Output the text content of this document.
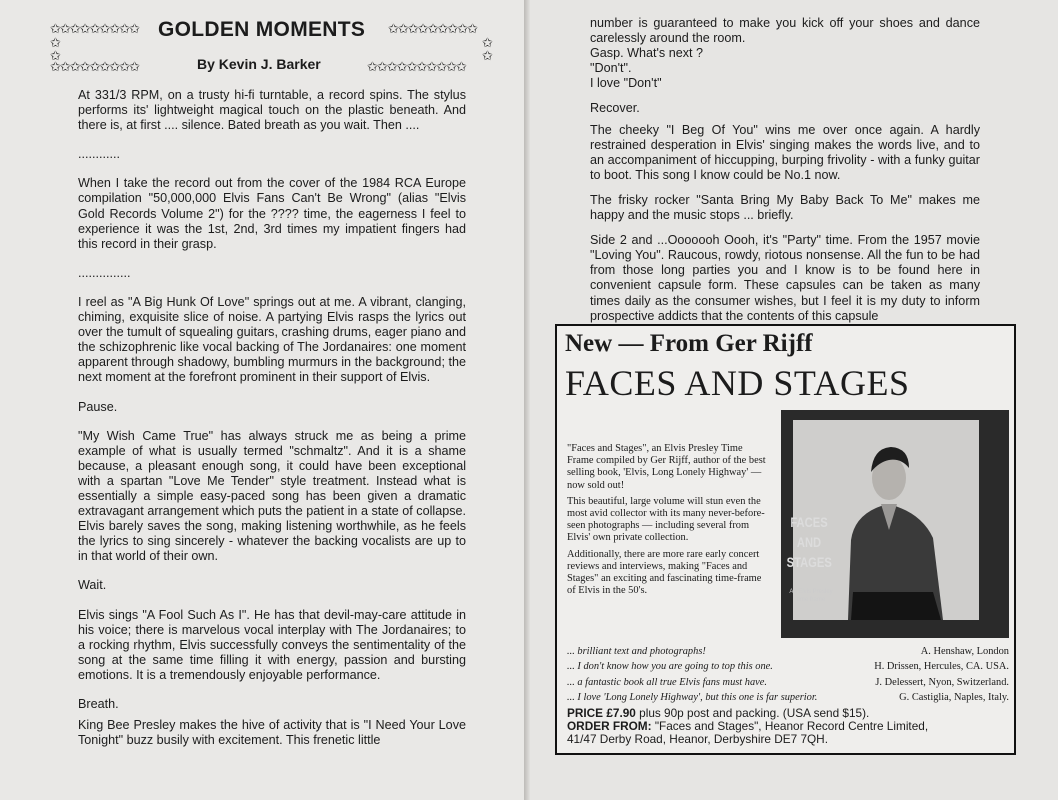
✩✩✩✩✩✩✩✩✩
✩
✩
✩✩✩✩✩✩✩✩✩
✩✩✩✩✩✩✩✩✩
✩
✩
✩✩✩✩✩✩✩✩✩✩
GOLDEN MOMENTS
By Kevin J. Barker

At 331/3 RPM, on a trusty hi-fi turntable, a record spins. The stylus performs its' lightweight magical touch on the plastic beneath. And there is, at first .... silence. Bated breath as you wait. Then ....

............

When I take the record out from the cover of the 1984 RCA Europe compilation "50,000,000 Elvis Fans Can't Be Wrong" (alias "Elvis Gold Records Volume 2") for the ???? time, the eagerness I feel to experience it was the 1st, 2nd, 3rd times my impatient fingers had this record in their grasp.

...............

I reel as "A Big Hunk Of Love" springs out at me. A vibrant, clanging, chiming, exquisite slice of noise. A partying Elvis rasps the lyrics out over the tumult of squealing guitars, crashing drums, eager piano and the schizophrenic like vocal backing of The Jordanaires: one moment apparent through shadowy, bumbling murmurs in the background; the next moment at the forefront prominent in their support of Elvis.

Pause.

"My Wish Came True" has always struck me as being a prime example of what is usually termed "schmaltz". And it is a shame because, a pleasant enough song, it could have been exceptional with a spartan "Love Me Tender" style treatment. Instead what is essentially a simple easy-paced song has been given a dramatic extravagant arrangement which puts the patient in a state of collapse. Elvis barely saves the song, making listening worthwhile, as he feels the lyrics to sing sincerely - whatever the backing vocalists are up to in that world of their own.

Wait.

Elvis sings "A Fool Such As I". He has that devil-may-care attitude in his voice; there is marvelous vocal interplay with The Jordanaires; to a rocking rhythm, Elvis successfully conveys the sentimentality of the song at the same time filling it with energy, passion and bursting emotions. It is a tremendously enjoyable performance.

Breath.

King Bee Presley makes the hive of activity that is "I Need Your Love Tonight" buzz busily with excitement. This frenetic little

number is guaranteed to make you kick off your shoes and dance carelessly around the room.
Gasp. What's next ?
"Don't".
I love "Don't"

Recover.

The cheeky "I Beg Of You" wins me over once again. A hardly restrained desperation in Elvis' singing makes the words live, and to an accompaniment of hiccupping, burping frivolity - with a funky guitar to boot. This song I know could be No.1 now.

The frisky rocker "Santa Bring My Baby Back To Me" makes me happy and the music stops ... briefly.

Side 2 and ...Ooooooh Oooh, it's "Party" time. From the 1957 movie "Loving You". Raucous, rowdy, riotous nonsense. All the fun to be had from those long parties you and I know is to be found here in convenient capsule form. These capsules can be taken as many times daily as the consumer wishes, but I feel it is my duty to inform prospective addicts that the contents of this capsule

New — From Ger Rijff
FACES AND STAGES

"Faces and Stages", an Elvis Presley Time Frame compiled by Ger Rijff, author of the best selling book, 'Elvis, Long Lonely Highway' — now sold out!

This beautiful, large volume will stun even the most avid collector with its many never-before-seen photographs — including several from Elvis' own private collection.

Additionally, there are more rare early concert reviews and interviews, making "Faces and Stages" an exciting and fascinating time-frame of Elvis in the 50's.

FACES
AND
STAGES
An Elvis Presley time frame
... brilliant text and photographs!	A. Henshaw, London
... I don't know how you are going to top this one.	H. Drissen, Hercules, CA. USA.
... a fantastic book all true Elvis fans must have.	J. Delessert, Nyon, Switzerland.
... I love 'Long Lonely Highway', but this one is far superior.	G. Castiglia, Naples, Italy.
PRICE £7.90 plus 90p post and packing. (USA send $15).
ORDER FROM: "Faces and Stages", Heanor Record Centre Limited,
41/47 Derby Road, Heanor, Derbyshire DE7 7QH.
